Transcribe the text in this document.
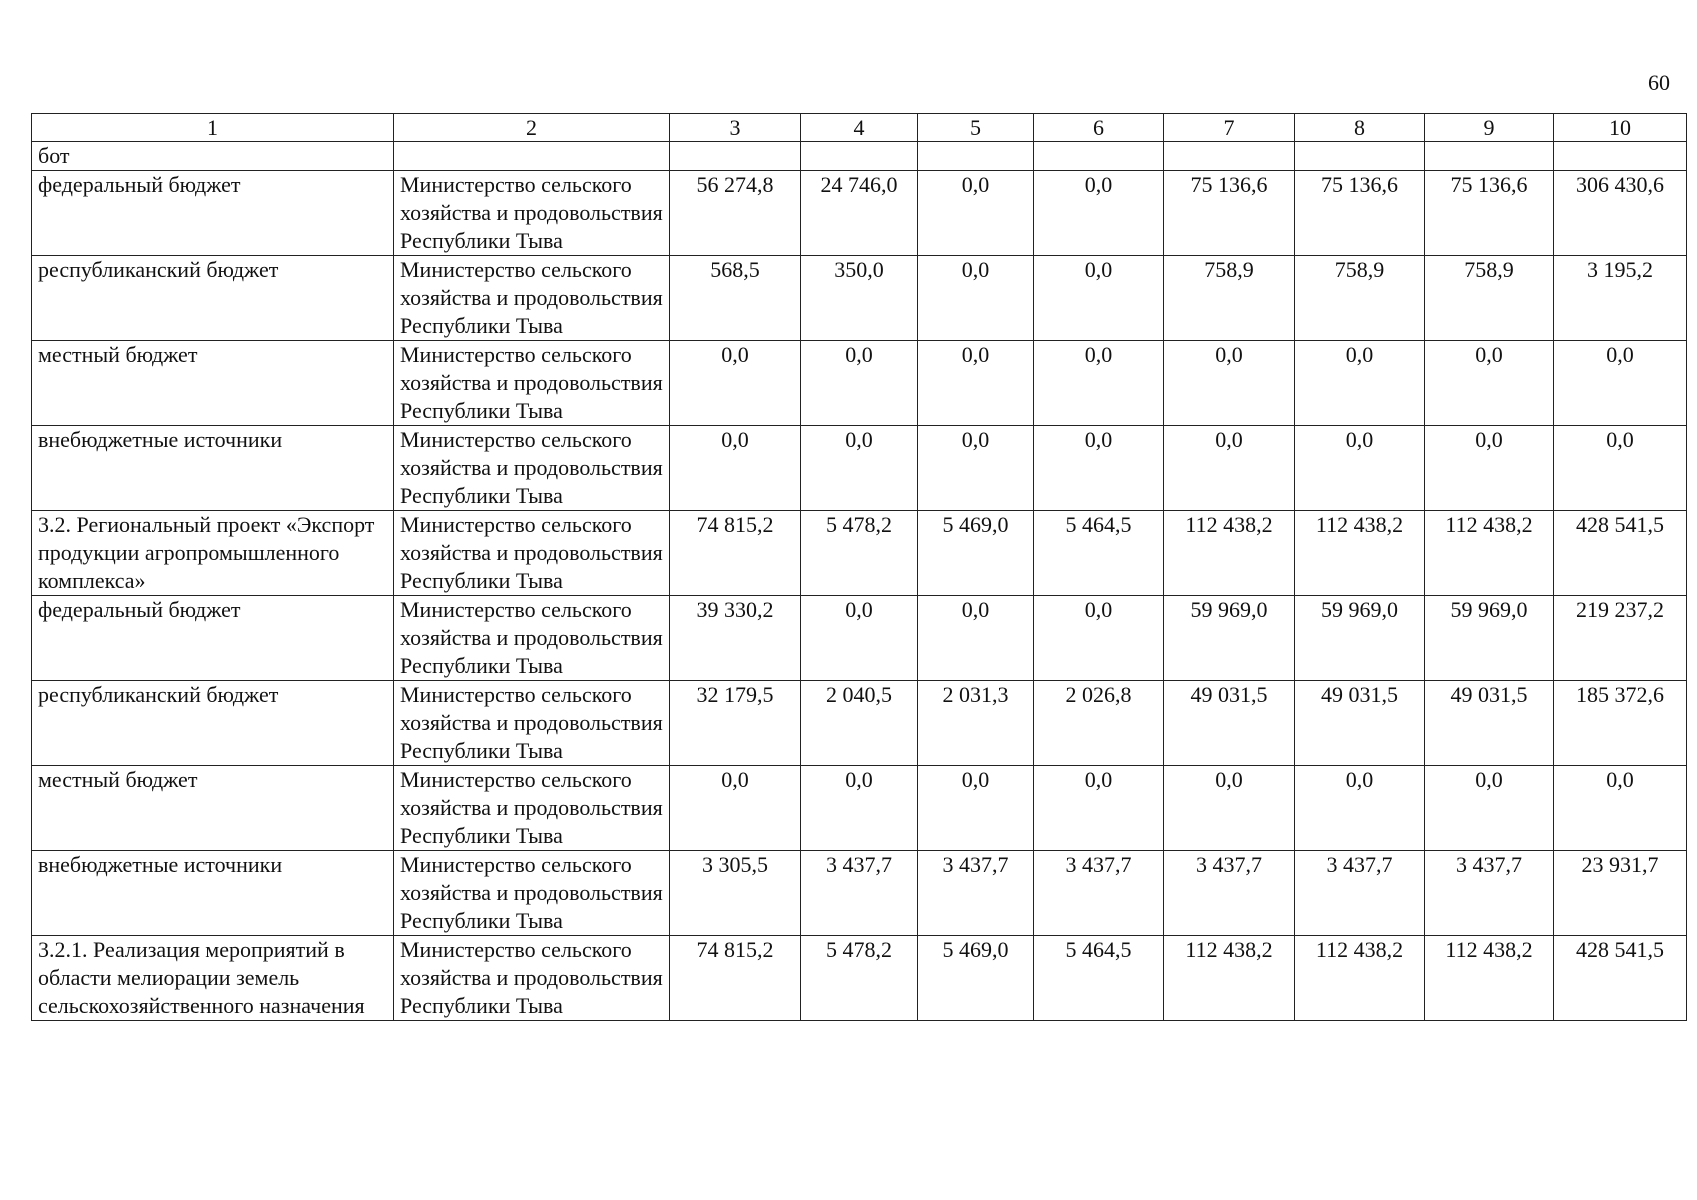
60
1	2	3	4	5	6	7	8	9	10
бот									
федеральный бюджет	Министерство сельского хозяйства и продовольствия Республики Тыва	56 274,8	24 746,0	0,0	0,0	75 136,6	75 136,6	75 136,6	306 430,6
республиканский бюджет	Министерство сельского хозяйства и продовольствия Республики Тыва	568,5	350,0	0,0	0,0	758,9	758,9	758,9	3 195,2
местный бюджет	Министерство сельского хозяйства и продовольствия Республики Тыва	0,0	0,0	0,0	0,0	0,0	0,0	0,0	0,0
внебюджетные источники	Министерство сельского хозяйства и продовольствия Республики Тыва	0,0	0,0	0,0	0,0	0,0	0,0	0,0	0,0
3.2. Региональный проект «Экспорт продукции агропромышленного комплекса»	Министерство сельского хозяйства и продовольствия Республики Тыва	74 815,2	5 478,2	5 469,0	5 464,5	112 438,2	112 438,2	112 438,2	428 541,5
федеральный бюджет	Министерство сельского хозяйства и продовольствия Республики Тыва	39 330,2	0,0	0,0	0,0	59 969,0	59 969,0	59 969,0	219 237,2
республиканский бюджет	Министерство сельского хозяйства и продовольствия Республики Тыва	32 179,5	2 040,5	2 031,3	2 026,8	49 031,5	49 031,5	49 031,5	185 372,6
местный бюджет	Министерство сельского хозяйства и продовольствия Республики Тыва	0,0	0,0	0,0	0,0	0,0	0,0	0,0	0,0
внебюджетные источники	Министерство сельского хозяйства и продовольствия Республики Тыва	3 305,5	3 437,7	3 437,7	3 437,7	3 437,7	3 437,7	3 437,7	23 931,7
3.2.1. Реализация мероприятий в области мелиорации земель сельскохозяйственного назначения	Министерство сельского хозяйства и продовольствия Республики Тыва	74 815,2	5 478,2	5 469,0	5 464,5	112 438,2	112 438,2	112 438,2	428 541,5
